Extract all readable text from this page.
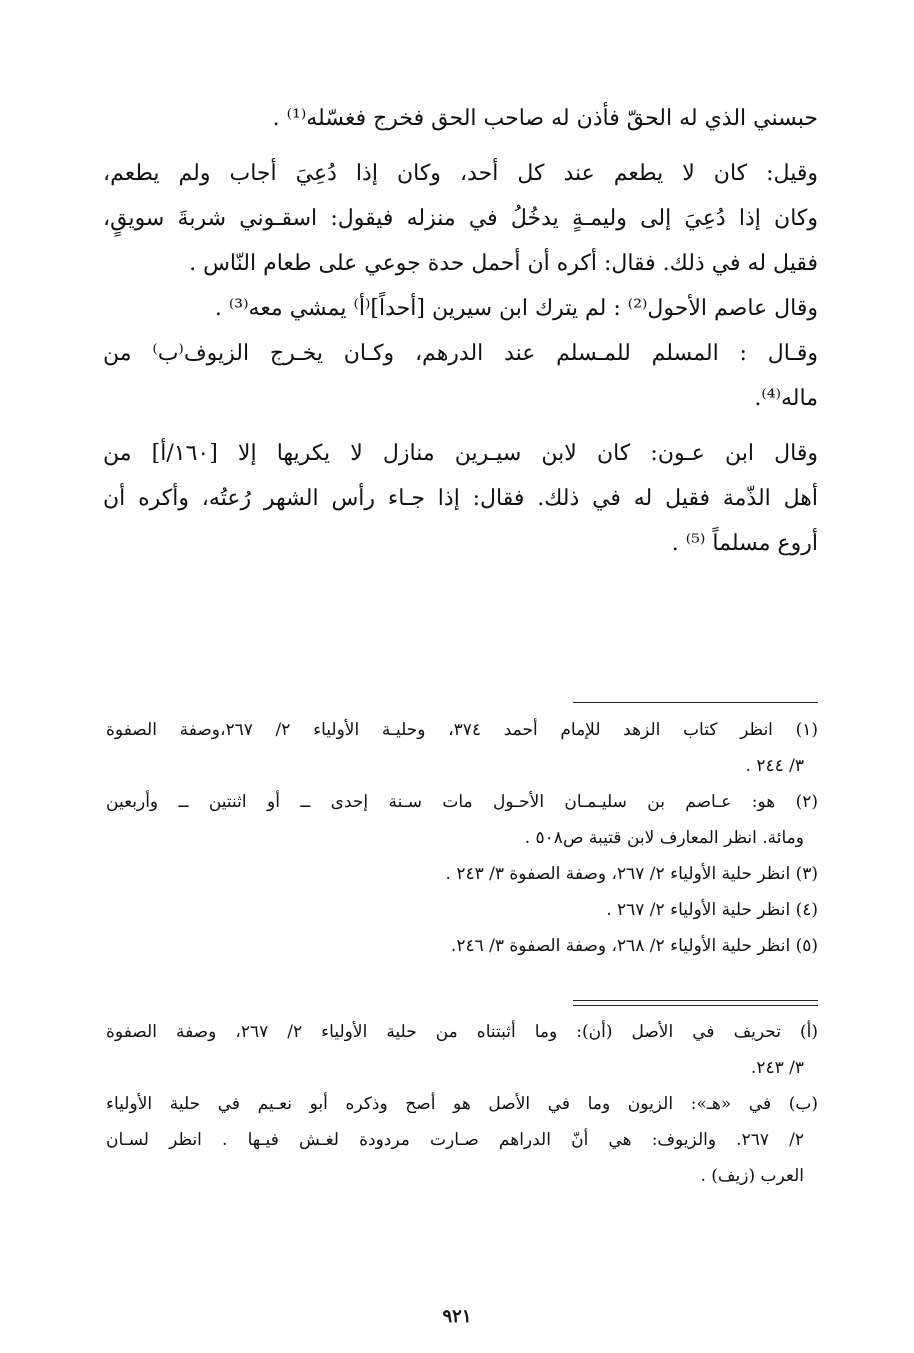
حبسني الذي له الحقّ فأذن له صاحب الحق فخرج فغسّله⁽¹⁾ .
وقيل: كان لا يطعم عند كل أحد، وكان إذا دُعِيَ أجاب ولم يطعم،
وكان إذا دُعِيَ إلى وليمـةٍ يدخُلُ في منزله فيقول: اسقـوني شربةَ سويقٍ،
فقيل له في ذلك. فقال: أكره أن أحمل حدة جوعي على طعام النّاس .
وقال عاصم الأحول⁽²⁾ : لم يترك ابن سيرين [أحداً]⁽أ⁾ يمشي معه⁽³⁾ .
وقـال : المسلم للمـسلم عند الدرهم، وكـان يخـرج الزيوف⁽ب⁾ من
ماله⁽⁴⁾.
وقال ابن عـون: كان لابن سيـرين منازل لا يكريها إلا [١٦٠/أ] من
أهل الذّمة فقيل له في ذلك. فقال: إذا جـاء رأس الشهر رُعتُه، وأكره أن
أروع مسلماً ⁽⁵⁾ .
(١) انظر كتاب الزهد للإمام أحمد ٣٧٤، وحليـة الأولياء ٢/ ٢٦٧،وصفة الصفوة
٣/ ٢٤٤ .
(٢) هو: عـاصم بن سليـمـان الأحـول مات سـنة إحدى ــ أو اثنتين ــ وأربعين
ومائة. انظر المعارف لابن قتيبة ص٥٠٨ .
(٣) انظر حلية الأولياء ٢/ ٢٦٧، وصفة الصفوة ٣/ ٢٤٣ .
(٤) انظر حلية الأولياء ٢/ ٢٦٧ .
(٥) انظر حلية الأولياء ٢/ ٢٦٨، وصفة الصفوة ٣/ ٢٤٦.
(أ) تحريف في الأصل (أن): وما أثبتناه من حلية الأولياء ٢/ ٢٦٧، وصفة الصفوة
٣/ ٢٤٣.
(ب) في «هـ»: الزيون وما في الأصل هو أصح وذكره أبو نعـيم في حلية الأولياء
٢/ ٢٦٧. والزيوف: هي أنّ الدراهم صـارت مردودة لغـش فيـها . انظر لسـان
العرب (زيف) .
٩٢١
